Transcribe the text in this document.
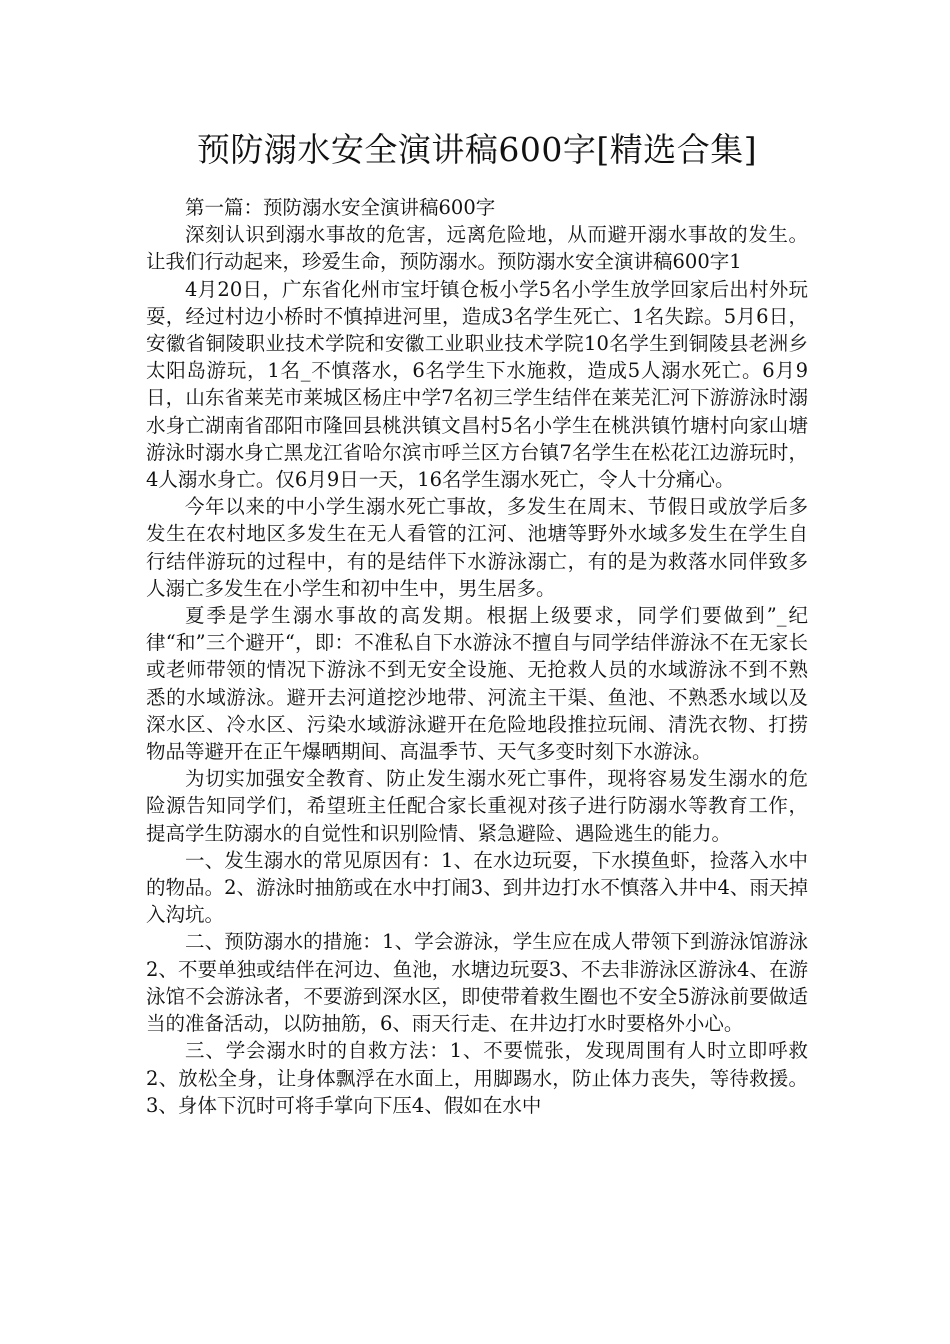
预防溺水安全演讲稿600字[精选合集]

第一篇：预防溺水安全演讲稿600字

深刻认识到溺水事故的危害，远离危险地，从而避开溺水事故的发生。让我们行动起来，珍爱生命，预防溺水。预防溺水安全演讲稿600字1

4月20日，广东省化州市宝圩镇仓板小学5名小学生放学回家后出村外玩耍，经过村边小桥时不慎掉进河里，造成3名学生死亡、1名失踪。5月6日，安徽省铜陵职业技术学院和安徽工业职业技术学院10名学生到铜陵县老洲乡太阳岛游玩，1名_不慎落水，6名学生下水施救，造成5人溺水死亡。6月9日，山东省莱芜市莱城区杨庄中学7名初三学生结伴在莱芜汇河下游游泳时溺水身亡湖南省邵阳市隆回县桃洪镇文昌村5名小学生在桃洪镇竹塘村向家山塘游泳时溺水身亡黑龙江省哈尔滨市呼兰区方台镇7名学生在松花江边游玩时，4人溺水身亡。仅6月9日一天，16名学生溺水死亡，令人十分痛心。

今年以来的中小学生溺水死亡事故，多发生在周末、节假日或放学后多发生在农村地区多发生在无人看管的江河、池塘等野外水域多发生在学生自行结伴游玩的过程中，有的是结伴下水游泳溺亡，有的是为救落水同伴致多人溺亡多发生在小学生和初中生中，男生居多。

夏季是学生溺水事故的高发期。根据上级要求，同学们要做到”_纪律“和”三个避开“，即：不准私自下水游泳不擅自与同学结伴游泳不在无家长或老师带领的情况下游泳不到无安全设施、无抢救人员的水域游泳不到不熟悉的水域游泳。避开去河道挖沙地带、河流主干渠、鱼池、不熟悉水域以及深水区、冷水区、污染水域游泳避开在危险地段推拉玩闹、清洗衣物、打捞物品等避开在正午爆晒期间、高温季节、天气多变时刻下水游泳。

为切实加强安全教育、防止发生溺水死亡事件，现将容易发生溺水的危险源告知同学们，希望班主任配合家长重视对孩子进行防溺水等教育工作，提高学生防溺水的自觉性和识别险情、紧急避险、遇险逃生的能力。

一、发生溺水的常见原因有：1、在水边玩耍，下水摸鱼虾，捡落入水中的物品。2、游泳时抽筋或在水中打闹3、到井边打水不慎落入井中4、雨天掉入沟坑。

二、预防溺水的措施：1、学会游泳，学生应在成人带领下到游泳馆游泳2、不要单独或结伴在河边、鱼池，水塘边玩耍3、不去非游泳区游泳4、在游泳馆不会游泳者，不要游到深水区，即使带着救生圈也不安全5游泳前要做适当的准备活动，以防抽筋，6、雨天行走、在井边打水时要格外小心。

三、学会溺水时的自救方法：1、不要慌张，发现周围有人时立即呼救2、放松全身，让身体飘浮在水面上，用脚踢水，防止体力丧失，等待救援。3、身体下沉时可将手掌向下压4、假如在水中
